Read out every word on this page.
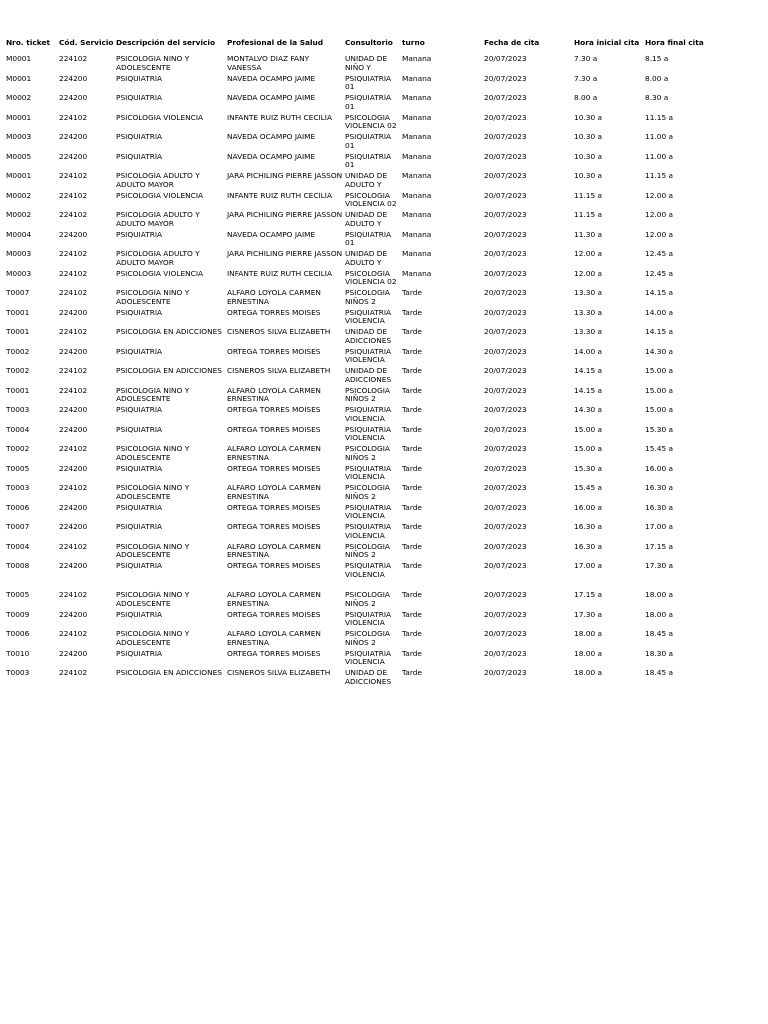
Nro. ticket	Cód. Servicio	Descripción del servicio	Profesional de la Salud	Consultorio	turno	Fecha de cita	Hora inicial cita	Hora final cita
M0001	224102	PSICOLOGÍA NIÑO Y ADOLESCENTE	MONTALVO DIAZ FANY VANESSA	UNIDAD DE NIÑO Y	Manana	20/07/2023	7.30 a	8.15 a
M0001	224200	PSIQUIATRÍA	NAVEDA OCAMPO JAIME	PSIQUIATRÍA 01	Manana	20/07/2023	7.30 a	8.00 a
M0002	224200	PSIQUIATRÍA	NAVEDA OCAMPO JAIME	PSIQUIATRÍA 01	Manana	20/07/2023	8.00 a	8.30 a
M0001	224102	PSICOLOGIA VIOLENCIA	INFANTE RUIZ RUTH CECILIA	PSICOLOGIA VIOLENCIA 02	Manana	20/07/2023	10.30 a	11.15 a
M0003	224200	PSIQUIATRÍA	NAVEDA OCAMPO JAIME	PSIQUIATRÍA 01	Manana	20/07/2023	10.30 a	11.00 a
M0005	224200	PSIQUIATRÍA	NAVEDA OCAMPO JAIME	PSIQUIATRÍA 01	Manana	20/07/2023	10.30 a	11.00 a
M0001	224102	PSICOLOGÍA ADULTO Y ADULTO MAYOR	JARA PICHILING PIERRE JASSON	UNIDAD DE ADULTO Y	Manana	20/07/2023	10.30 a	11.15 a
M0002	224102	PSICOLOGIA VIOLENCIA	INFANTE RUIZ RUTH CECILIA	PSICOLOGIA VIOLENCIA 02	Manana	20/07/2023	11.15 a	12.00 a
M0002	224102	PSICOLOGÍA ADULTO Y ADULTO MAYOR	JARA PICHILING PIERRE JASSON	UNIDAD DE ADULTO Y	Manana	20/07/2023	11.15 a	12.00 a
M0004	224200	PSIQUIATRÍA	NAVEDA OCAMPO JAIME	PSIQUIATRÍA 01	Manana	20/07/2023	11.30 a	12.00 a
M0003	224102	PSICOLOGÍA ADULTO Y ADULTO MAYOR	JARA PICHILING PIERRE JASSON	UNIDAD DE ADULTO Y	Manana	20/07/2023	12.00 a	12.45 a
M0003	224102	PSICOLOGIA VIOLENCIA	INFANTE RUIZ RUTH CECILIA	PSICOLOGIA VIOLENCIA 02	Manana	20/07/2023	12.00 a	12.45 a
T0007	224102	PSICOLOGÍA NIÑO Y ADOLESCENTE	ALFARO LOYOLA CARMEN ERNESTINA	PSICOLOGIA NIÑOS 2	Tarde	20/07/2023	13.30 a	14.15 a
T0001	224200	PSIQUIATRÍA	ORTEGA TORRES MOISES	PSIQUIATRIA VIOLENCIA	Tarde	20/07/2023	13.30 a	14.00 a
T0001	224102	PSICOLOGÍA EN ADICCIONES	CISNEROS SILVA ELIZABETH	UNIDAD DE ADICCIONES	Tarde	20/07/2023	13.30 a	14.15 a
T0002	224200	PSIQUIATRÍA	ORTEGA TORRES MOISES	PSIQUIATRIA VIOLENCIA	Tarde	20/07/2023	14.00 a	14.30 a
T0002	224102	PSICOLOGÍA EN ADICCIONES	CISNEROS SILVA ELIZABETH	UNIDAD DE ADICCIONES	Tarde	20/07/2023	14.15 a	15.00 a
T0001	224102	PSICOLOGÍA NIÑO Y ADOLESCENTE	ALFARO LOYOLA CARMEN ERNESTINA	PSICOLOGIA NIÑOS 2	Tarde	20/07/2023	14.15 a	15.00 a
T0003	224200	PSIQUIATRÍA	ORTEGA TORRES MOISES	PSIQUIATRIA VIOLENCIA	Tarde	20/07/2023	14.30 a	15.00 a
T0004	224200	PSIQUIATRÍA	ORTEGA TORRES MOISES	PSIQUIATRIA VIOLENCIA	Tarde	20/07/2023	15.00 a	15.30 a
T0002	224102	PSICOLOGÍA NIÑO Y ADOLESCENTE	ALFARO LOYOLA CARMEN ERNESTINA	PSICOLOGIA NIÑOS 2	Tarde	20/07/2023	15.00 a	15.45 a
T0005	224200	PSIQUIATRÍA	ORTEGA TORRES MOISES	PSIQUIATRIA VIOLENCIA	Tarde	20/07/2023	15.30 a	16.00 a
T0003	224102	PSICOLOGÍA NIÑO Y ADOLESCENTE	ALFARO LOYOLA CARMEN ERNESTINA	PSICOLOGIA NIÑOS 2	Tarde	20/07/2023	15.45 a	16.30 a
T0006	224200	PSIQUIATRÍA	ORTEGA TORRES MOISES	PSIQUIATRIA VIOLENCIA	Tarde	20/07/2023	16.00 a	16.30 a
T0007	224200	PSIQUIATRÍA	ORTEGA TORRES MOISES	PSIQUIATRIA VIOLENCIA	Tarde	20/07/2023	16.30 a	17.00 a
T0004	224102	PSICOLOGÍA NIÑO Y ADOLESCENTE	ALFARO LOYOLA CARMEN ERNESTINA	PSICOLOGIA NIÑOS 2	Tarde	20/07/2023	16.30 a	17.15 a
T0008	224200	PSIQUIATRÍA	ORTEGA TORRES MOISES	PSIQUIATRIA VIOLENCIA	Tarde	20/07/2023	17.00 a	17.30 a
T0005	224102	PSICOLOGÍA NIÑO Y ADOLESCENTE	ALFARO LOYOLA CARMEN ERNESTINA	PSICOLOGIA NIÑOS 2	Tarde	20/07/2023	17.15 a	18.00 a
T0009	224200	PSIQUIATRÍA	ORTEGA TORRES MOISES	PSIQUIATRIA VIOLENCIA	Tarde	20/07/2023	17.30 a	18.00 a
T0006	224102	PSICOLOGÍA NIÑO Y ADOLESCENTE	ALFARO LOYOLA CARMEN ERNESTINA	PSICOLOGIA NIÑOS 2	Tarde	20/07/2023	18.00 a	18.45 a
T0010	224200	PSIQUIATRÍA	ORTEGA TORRES MOISES	PSIQUIATRIA VIOLENCIA	Tarde	20/07/2023	18.00 a	18.30 a
T0003	224102	PSICOLOGÍA EN ADICCIONES	CISNEROS SILVA ELIZABETH	UNIDAD DE ADICCIONES	Tarde	20/07/2023	18.00 a	18.45 a
